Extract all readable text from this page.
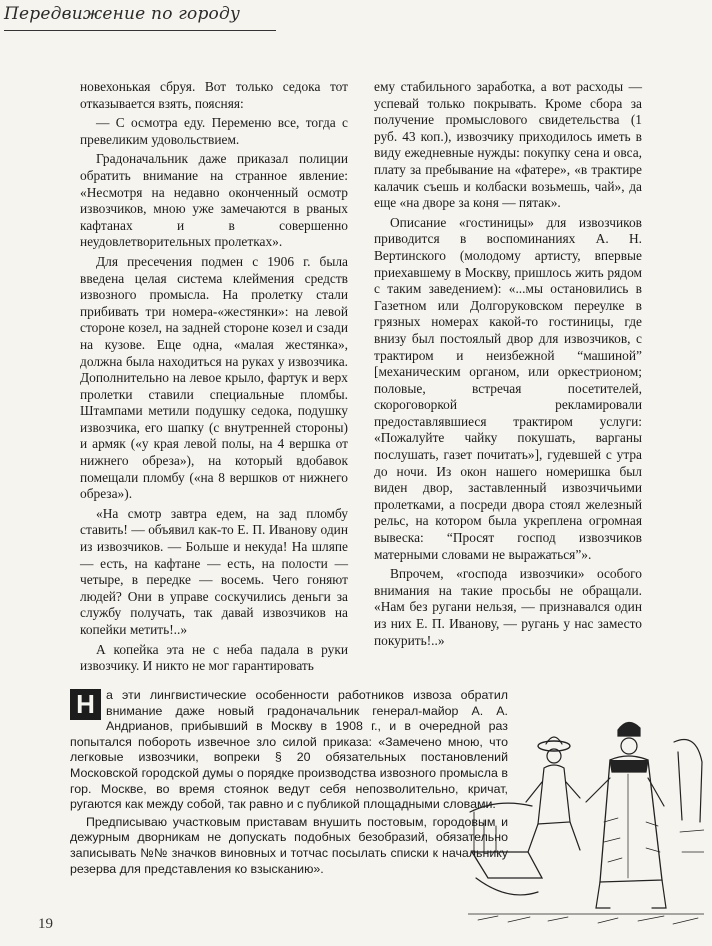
Передвижение по городу

новехонькая сбруя. Вот только седока тот отказывается взять, поясняя:

— С осмотра еду. Переменю все, тогда с превеликим удовольствием.

Градоначальник даже приказал полиции обратить внимание на странное явление: «Несмотря на недавно оконченный осмотр извозчиков, мною уже замечаются в рваных кафтанах и в совершенно неудовлетворительных пролетках».

Для пресечения подмен с 1906 г. была введена целая система клеймения средств извозного промысла. На пролетку стали прибивать три номера-«жестянки»: на левой стороне козел, на задней стороне козел и сзади на кузове. Еще одна, «малая жестянка», должна была находиться на руках у извозчика. Дополнительно на левое крыло, фартук и верх пролетки ставили специальные пломбы. Штампами метили подушку седока, подушку извозчика, его шапку (с внутренней стороны) и армяк («у края левой полы, на 4 вершка от нижнего обреза»), на который вдобавок помещали пломбу («на 8 вершков от нижнего обреза»).

«На смотр завтра едем, на зад пломбу ставить! — объявил как-то Е. П. Иванову один из извозчиков. — Больше и некуда! На шляпе — есть, на кафтане — есть, на полости — четыре, в передке — восемь. Чего гоняют людей? Они в управе соскучились деньги за службу получать, так давай извозчиков на копейки метить!..»

А копейка эта не с неба падала в руки извозчику. И никто не мог гарантировать

ему стабильного заработка, а вот расходы — успевай только покрывать. Кроме сбора за получение промыслового свидетельства (1 руб. 43 коп.), извозчику приходилось иметь в виду ежедневные нужды: покупку сена и овса, плату за пребывание на «фатере», «в трактире калачик съешь и колбаски возьмешь, чай», да еще «на дворе за коня — пятак».

Описание «гостиницы» для извозчиков приводится в воспоминаниях А. Н. Вертинского (молодому артисту, впервые приехавшему в Москву, пришлось жить рядом с таким заведением): «...мы остановились в Газетном или Долгоруковском переулке в грязных номерах какой-то гостиницы, где внизу был постоялый двор для извозчиков, с трактиром и неизбежной “машиной” [механическим органом, или оркестрионом; половые, встречая посетителей, скороговоркой рекламировали предоставлявшиеся трактиром услуги: «Пожалуйте чайку покушать, варганы послушать, газет почитать»], гудевшей с утра до ночи. Из окон нашего номеришка был виден двор, заставленный извозчичьими пролетками, а посреди двора стоял железный рельс, на котором была укреплена огромная вывеска: “Просят господ извозчиков матерными словами не выражаться”».

Впрочем, «господа извозчики» особого внимания на такие просьбы не обращали. «Нам без ругани нельзя, — признавался один из них Е. П. Иванову, — ругань у нас заместо покурить!..»

Н а эти лингвистические особенности работников извоза обратил внимание даже новый градоначальник генерал-майор А. А. Андрианов, прибывший в Москву в 1908 г., и в очередной раз попытался побороть извечное зло силой приказа: «Замечено мною, что легковые извозчики, вопреки § 20 обязательных постановлений Московской городской думы о порядке производства извозного промысла в гор. Москве, во время стоянок ведут себя непозволительно, кричат, ругаются как между собой, так равно и с публикой площадными словами.

Предписываю участковым приставам внушить постовым, городовым и дежурным дворникам не допускать подобных безобразий, обязательно записывать №№ значков виновных и тотчас посылать списки к начальнику резерва для представления ко взысканию».

19
